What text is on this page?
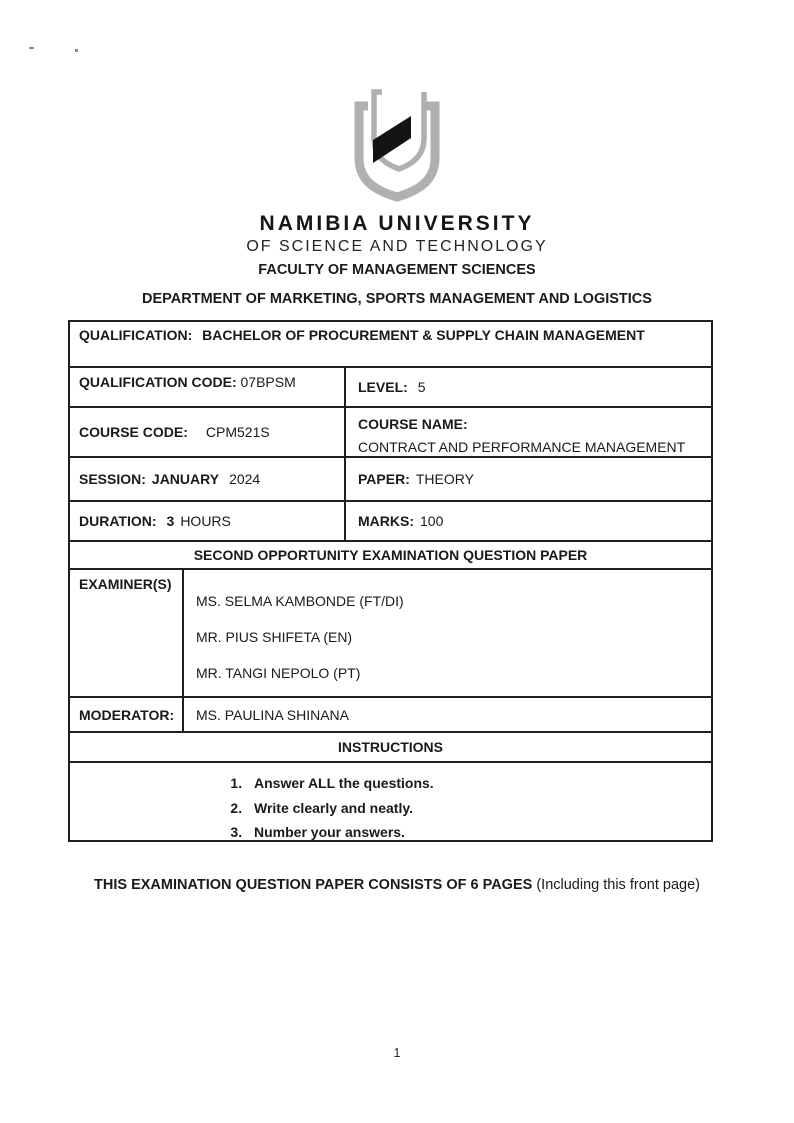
NAMIBIA UNIVERSITY
OF SCIENCE AND TECHNOLOGY
FACULTY OF MANAGEMENT SCIENCES
DEPARTMENT OF MARKETING, SPORTS MANAGEMENT AND LOGISTICS
QUALIFICATION: BACHELOR OF PROCUREMENT & SUPPLY CHAIN MANAGEMENT
QUALIFICATION CODE: 07BPSM	LEVEL: 5
COURSE CODE: CPM521S	COURSE NAME:
CONTRACT AND PERFORMANCE MANAGEMENT
SESSION: JANUARY 2024	PAPER: THEORY
DURATION: 3 HOURS	MARKS: 100
SECOND OPPORTUNITY EXAMINATION QUESTION PAPER
EXAMINER(S)
MS. SELMA KAMBONDE (FT/DI)
MR. PIUS SHIFETA (EN)
MR. TANGI NEPOLO (PT)
MODERATOR:	MS. PAULINA SHINANA
INSTRUCTIONS
1. Answer ALL the questions.
2. Write clearly and neatly.
3. Number your answers.
THIS EXAMINATION QUESTION PAPER CONSISTS OF 6 PAGES (Including this front page)
1
